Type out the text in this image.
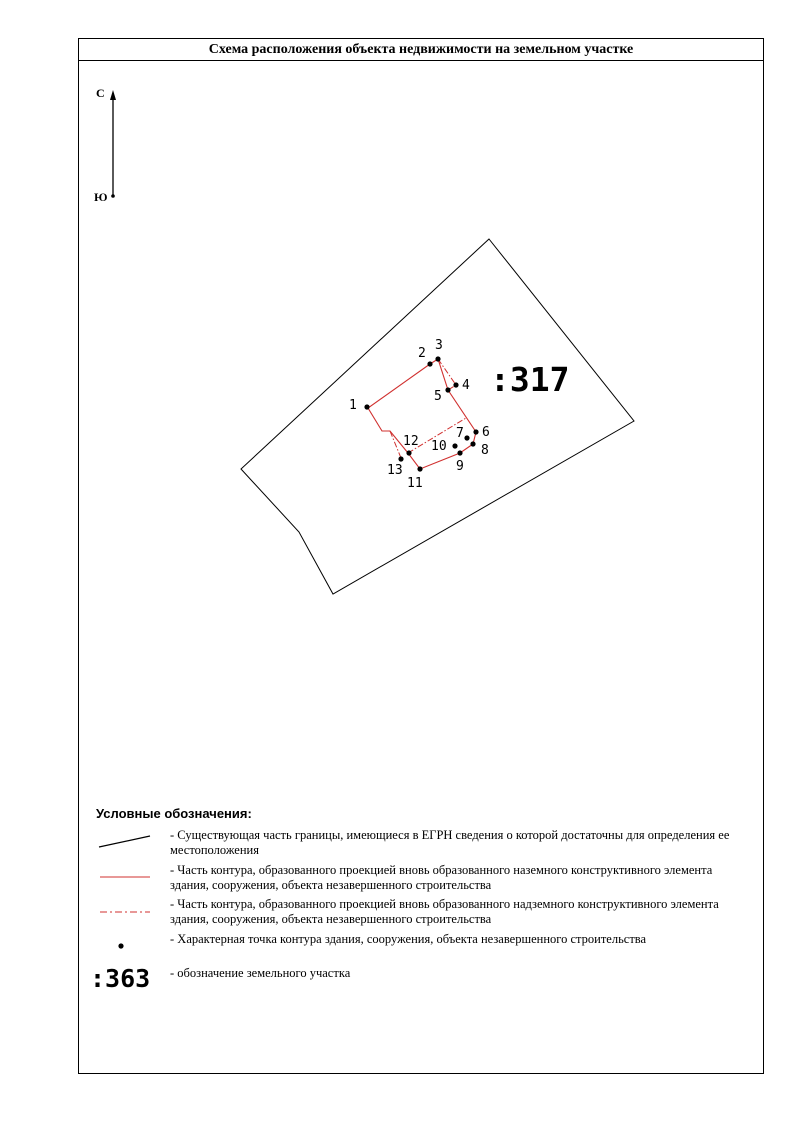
Схема расположения объекта недвижимости на земельном участке
С
Ю
1
2
3
4
5
6
7
8
9
10
11
12
13
:317
Условные обозначения:
- Существующая часть границы, имеющиеся в ЕГРН сведения о которой достаточны для определения ее местоположения
- Часть контура, образованного проекцией вновь образованного наземного конструктивного элемента здания, сооружения, объекта незавершенного строительства
- Часть контура, образованного проекцией вновь образованного надземного конструктивного элемента здания, сооружения, объекта незавершенного строительства
- Характерная точка контура здания, сооружения, объекта незавершенного строительства
:363 - обозначение земельного участка
